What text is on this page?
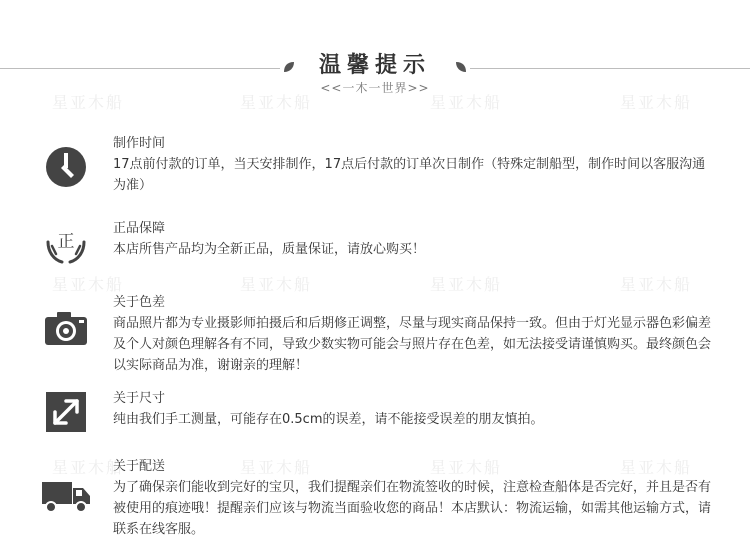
温馨提示
<<一木一世界>>
星亚木船	星亚木船	星亚木船	星亚木船
星亚木船	星亚木船	星亚木船	星亚木船
星亚木船	星亚木船	星亚木船	星亚木船
制作时间
17点前付款的订单，当天安排制作，17点后付款的订单次日制作（特殊定制船型，制作时间以客服沟通为准）
正
正品保障
本店所售产品均为全新正品，质量保证，请放心购买！
关于色差
商品照片都为专业摄影师拍摄后和后期修正调整，尽量与现实商品保持一致。但由于灯光显示器色彩偏差及个人对颜色理解各有不同，导致少数实物可能会与照片存在色差，如无法接受请谨慎购买。最终颜色会以实际商品为准，谢谢亲的理解！
关于尺寸
纯由我们手工测量，可能存在0.5cm的误差，请不能接受误差的朋友慎拍。
关于配送
为了确保亲们能收到完好的宝贝，我们提醒亲们在物流签收的时候，注意检查船体是否完好，并且是否有被使用的痕迹哦！提醒亲们应该与物流当面验收您的商品！本店默认：物流运输，如需其他运输方式，请联系在线客服。
